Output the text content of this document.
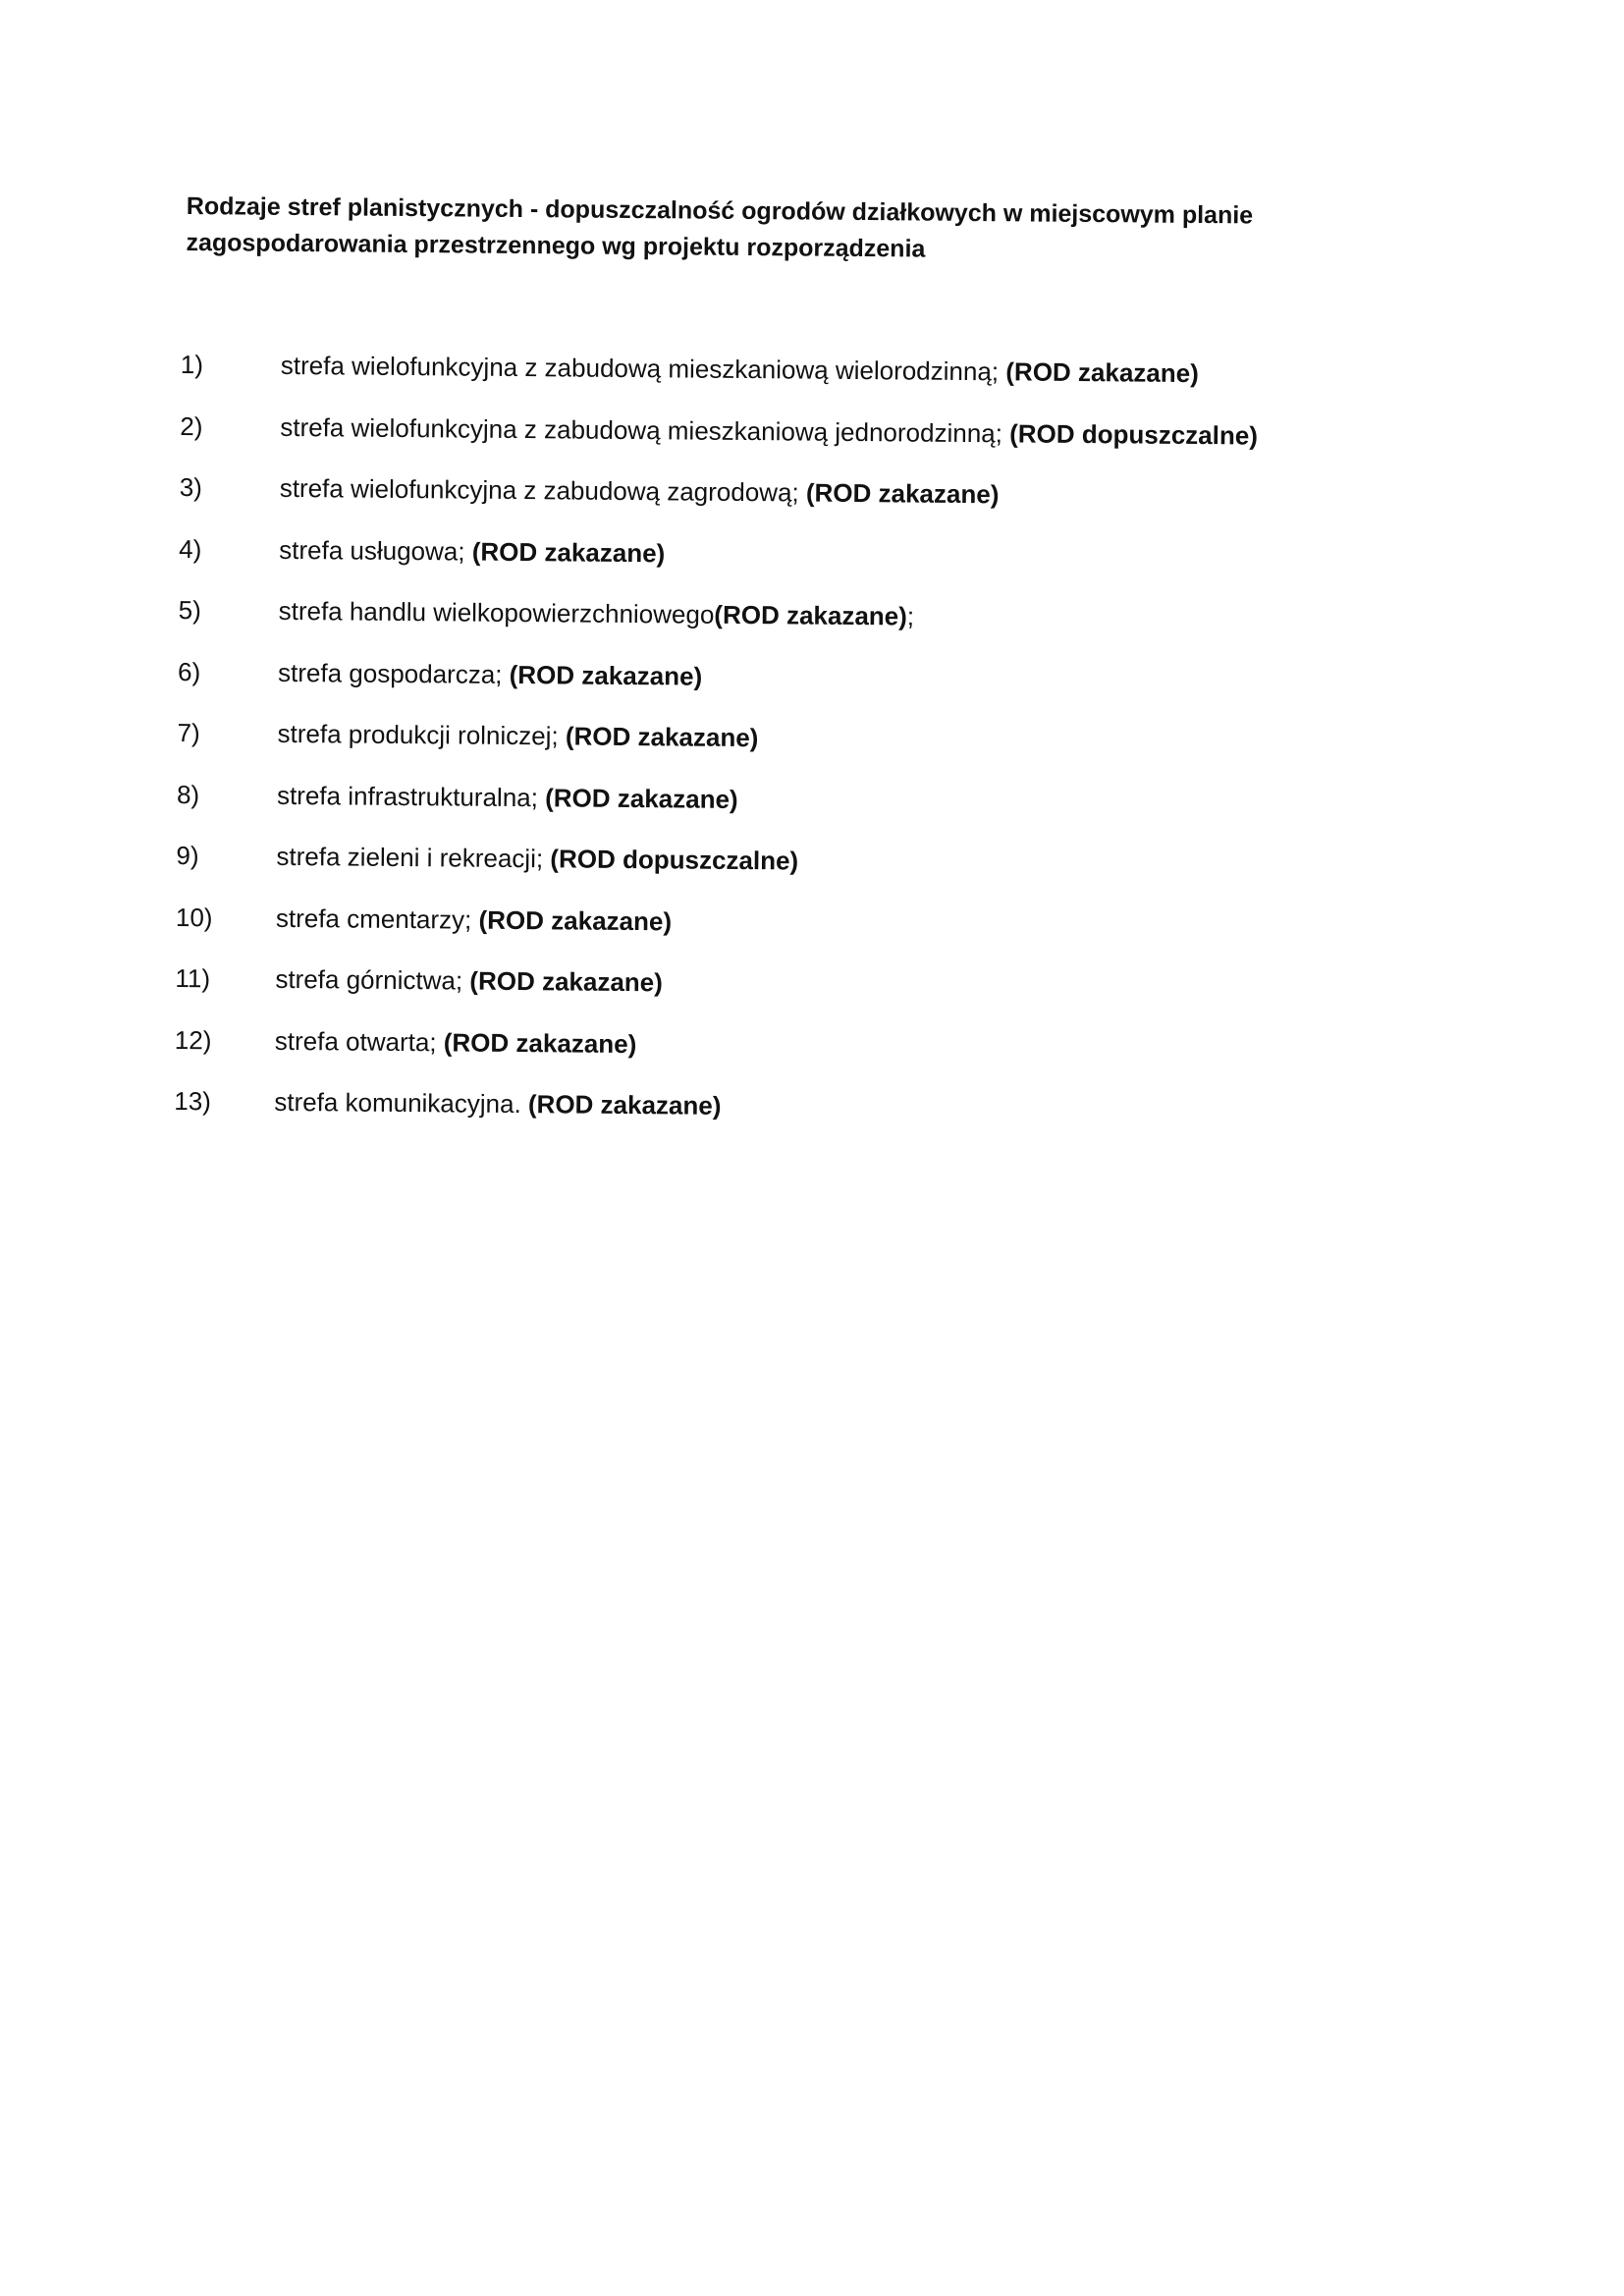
Rodzaje stref planistycznych - dopuszczalność ogrodów działkowych w miejscowym planie zagospodarowania przestrzennego wg projektu rozporządzenia
1)	strefa wielofunkcyjna z zabudową mieszkaniową wielorodzinną; (ROD zakazane)
2)	strefa wielofunkcyjna z zabudową mieszkaniową jednorodzinną; (ROD dopuszczalne)
3)	strefa wielofunkcyjna z zabudową zagrodową; (ROD zakazane)
4)	strefa usługowa; (ROD zakazane)
5)	strefa handlu wielkopowierzchniowego(ROD zakazane);
6)	strefa gospodarcza; (ROD zakazane)
7)	strefa produkcji rolniczej; (ROD zakazane)
8)	strefa infrastrukturalna; (ROD zakazane)
9)	strefa zieleni i rekreacji; (ROD dopuszczalne)
10)	strefa cmentarzy; (ROD zakazane)
11)	strefa górnictwa; (ROD zakazane)
12)	strefa otwarta; (ROD zakazane)
13)	strefa komunikacyjna. (ROD zakazane)
